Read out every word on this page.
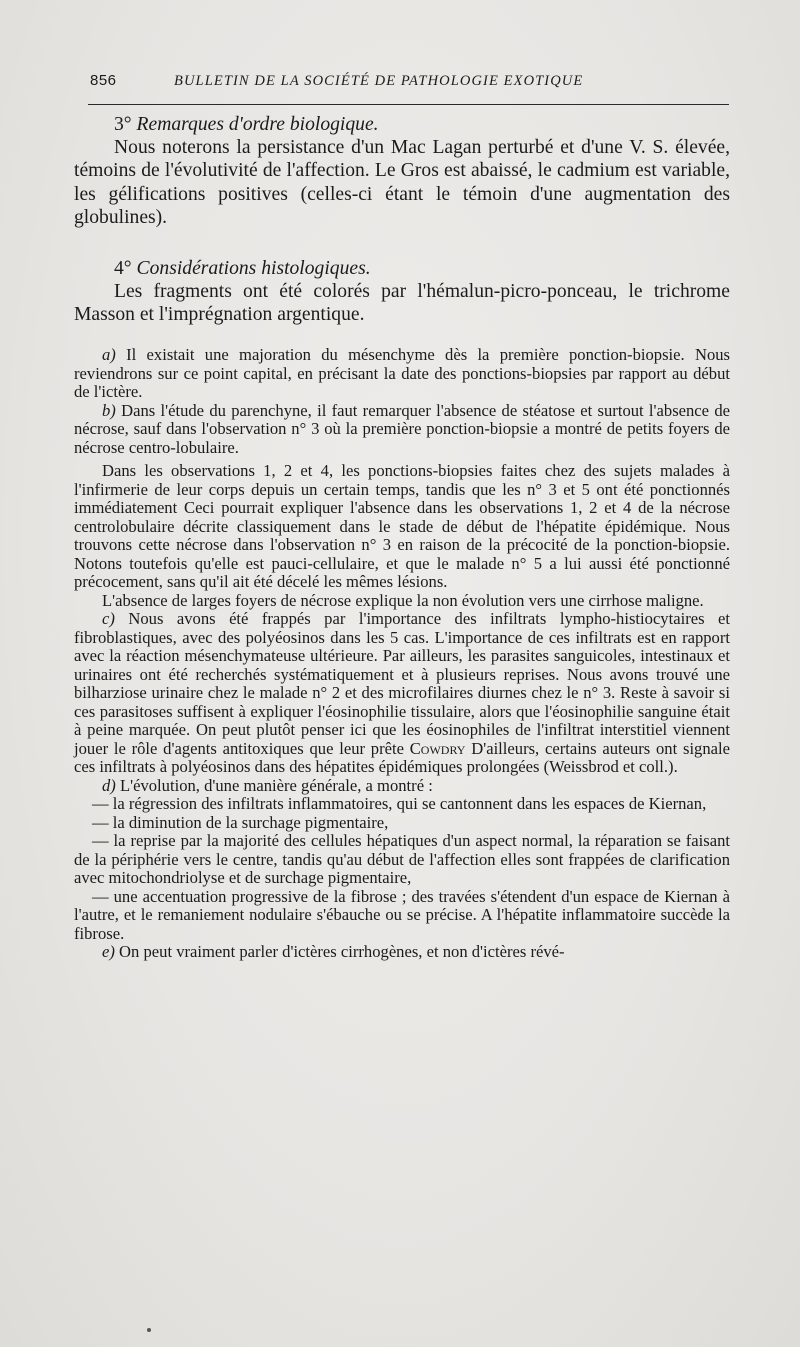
856	BULLETIN DE LA SOCIÉTÉ DE PATHOLOGIE EXOTIQUE

3° Remarques d'ordre biologique.

Nous noterons la persistance d'un Mac Lagan perturbé et d'une V. S. élevée, témoins de l'évolutivité de l'affection. Le Gros est abaissé, le cadmium est variable, les gélifications positives (celles-ci étant le témoin d'une augmentation des globulines).

4° Considérations histologiques.

Les fragments ont été colorés par l'hémalun-picro-ponceau, le trichrome Masson et l'imprégnation argentique.

a) Il existait une majoration du mésenchyme dès la première ponction-biopsie. Nous reviendrons sur ce point capital, en précisant la date des ponctions-biopsies par rapport au début de l'ictère.

b) Dans l'étude du parenchyne, il faut remarquer l'absence de stéatose et surtout l'absence de nécrose, sauf dans l'observation n° 3 où la première ponction-biopsie a montré de petits foyers de nécrose centro-lobulaire.

Dans les observations 1, 2 et 4, les ponctions-biopsies faites chez des sujets malades à l'infirmerie de leur corps depuis un certain temps, tandis que les n° 3 et 5 ont été ponctionnés immédiatement Ceci pourrait expliquer l'absence dans les observations 1, 2 et 4 de la nécrose centrolobulaire décrite classiquement dans le stade de début de l'hépatite épidémique. Nous trouvons cette nécrose dans l'observation n° 3 en raison de la précocité de la ponction-biopsie. Notons toutefois qu'elle est pauci-cellulaire, et que le malade n° 5 a lui aussi été ponctionné précocement, sans qu'il ait été décelé les mêmes lésions.

L'absence de larges foyers de nécrose explique la non évolution vers une cirrhose maligne.

c) Nous avons été frappés par l'importance des infiltrats lympho-histiocytaires et fibroblastiques, avec des polyéosinos dans les 5 cas. L'importance de ces infiltrats est en rapport avec la réaction mésenchymateuse ultérieure. Par ailleurs, les parasites sanguicoles, intestinaux et urinaires ont été recherchés systématiquement et à plusieurs reprises. Nous avons trouvé une bilharziose urinaire chez le malade n° 2 et des microfilaires diurnes chez le n° 3. Reste à savoir si ces parasitoses suffisent à expliquer l'éosinophilie tissulaire, alors que l'éosinophilie sanguine était à peine marquée. On peut plutôt penser ici que les éosinophiles de l'infiltrat interstitiel viennent jouer le rôle d'agents antitoxiques que leur prête Cowdry D'ailleurs, certains auteurs ont signale ces infiltrats à polyéosinos dans des hépatites épidémiques prolongées (Weissbrod et coll.).

d) L'évolution, d'une manière générale, a montré :

— la régression des infiltrats inflammatoires, qui se cantonnent dans les espaces de Kiernan,

— la diminution de la surchage pigmentaire,

— la reprise par la majorité des cellules hépatiques d'un aspect normal, la réparation se faisant de la périphérie vers le centre, tandis qu'au début de l'affection elles sont frappées de clarification avec mitochondriolyse et de surchage pigmentaire,

— une accentuation progressive de la fibrose ; des travées s'étendent d'un espace de Kiernan à l'autre, et le remaniement nodulaire s'ébauche ou se précise. A l'hépatite inflammatoire succède la fibrose.

e) On peut vraiment parler d'ictères cirrhogènes, et non d'ictères révé-
